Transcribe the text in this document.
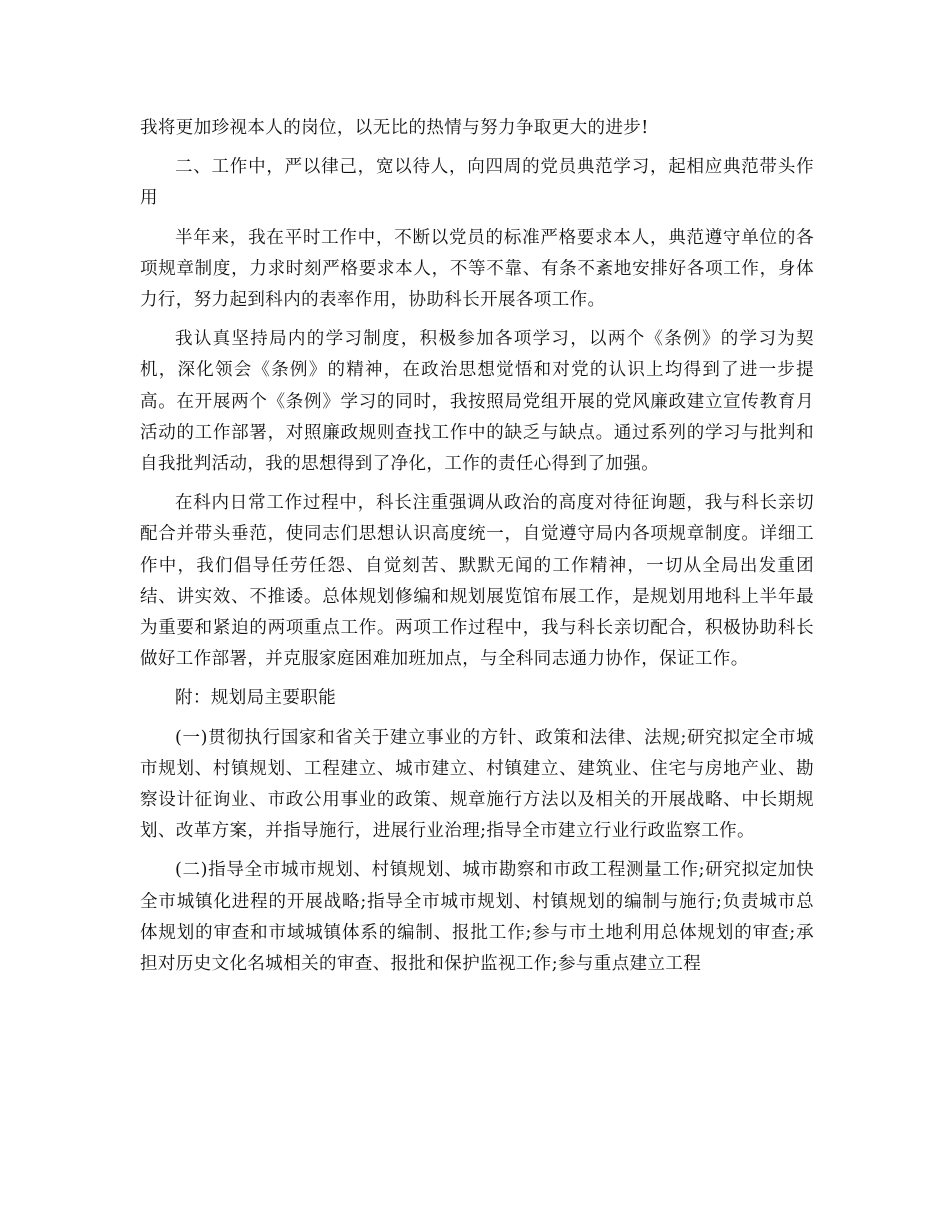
我将更加珍视本人的岗位，以无比的热情与努力争取更大的进步!

二、工作中，严以律己，宽以待人，向四周的党员典范学习，起相应典范带头作用

半年来，我在平时工作中，不断以党员的标准严格要求本人，典范遵守单位的各项规章制度，力求时刻严格要求本人，不等不靠、有条不紊地安排好各项工作，身体力行，努力起到科内的表率作用，协助科长开展各项工作。

我认真坚持局内的学习制度，积极参加各项学习，以两个《条例》的学习为契机，深化领会《条例》的精神，在政治思想觉悟和对党的认识上均得到了进一步提高。在开展两个《条例》学习的同时，我按照局党组开展的党风廉政建立宣传教育月活动的工作部署，对照廉政规则查找工作中的缺乏与缺点。通过系列的学习与批判和自我批判活动，我的思想得到了净化，工作的责任心得到了加强。

在科内日常工作过程中，科长注重强调从政治的高度对待征询题，我与科长亲切配合并带头垂范，使同志们思想认识高度统一，自觉遵守局内各项规章制度。详细工作中，我们倡导任劳任怨、自觉刻苦、默默无闻的工作精神，一切从全局出发重团结、讲实效、不推诿。总体规划修编和规划展览馆布展工作，是规划用地科上半年最为重要和紧迫的两项重点工作。两项工作过程中，我与科长亲切配合，积极协助科长做好工作部署，并克服家庭困难加班加点，与全科同志通力协作，保证工作。

附：规划局主要职能

(一)贯彻执行国家和省关于建立事业的方针、政策和法律、法规;研究拟定全市城市规划、村镇规划、工程建立、城市建立、村镇建立、建筑业、住宅与房地产业、勘察设计征询业、市政公用事业的政策、规章施行方法以及相关的开展战略、中长期规划、改革方案，并指导施行，进展行业治理;指导全市建立行业行政监察工作。

(二)指导全市城市规划、村镇规划、城市勘察和市政工程测量工作;研究拟定加快全市城镇化进程的开展战略;指导全市城市规划、村镇规划的编制与施行;负责城市总体规划的审查和市域城镇体系的编制、报批工作;参与市土地利用总体规划的审查;承担对历史文化名城相关的审查、报批和保护监视工作;参与重点建立工程
